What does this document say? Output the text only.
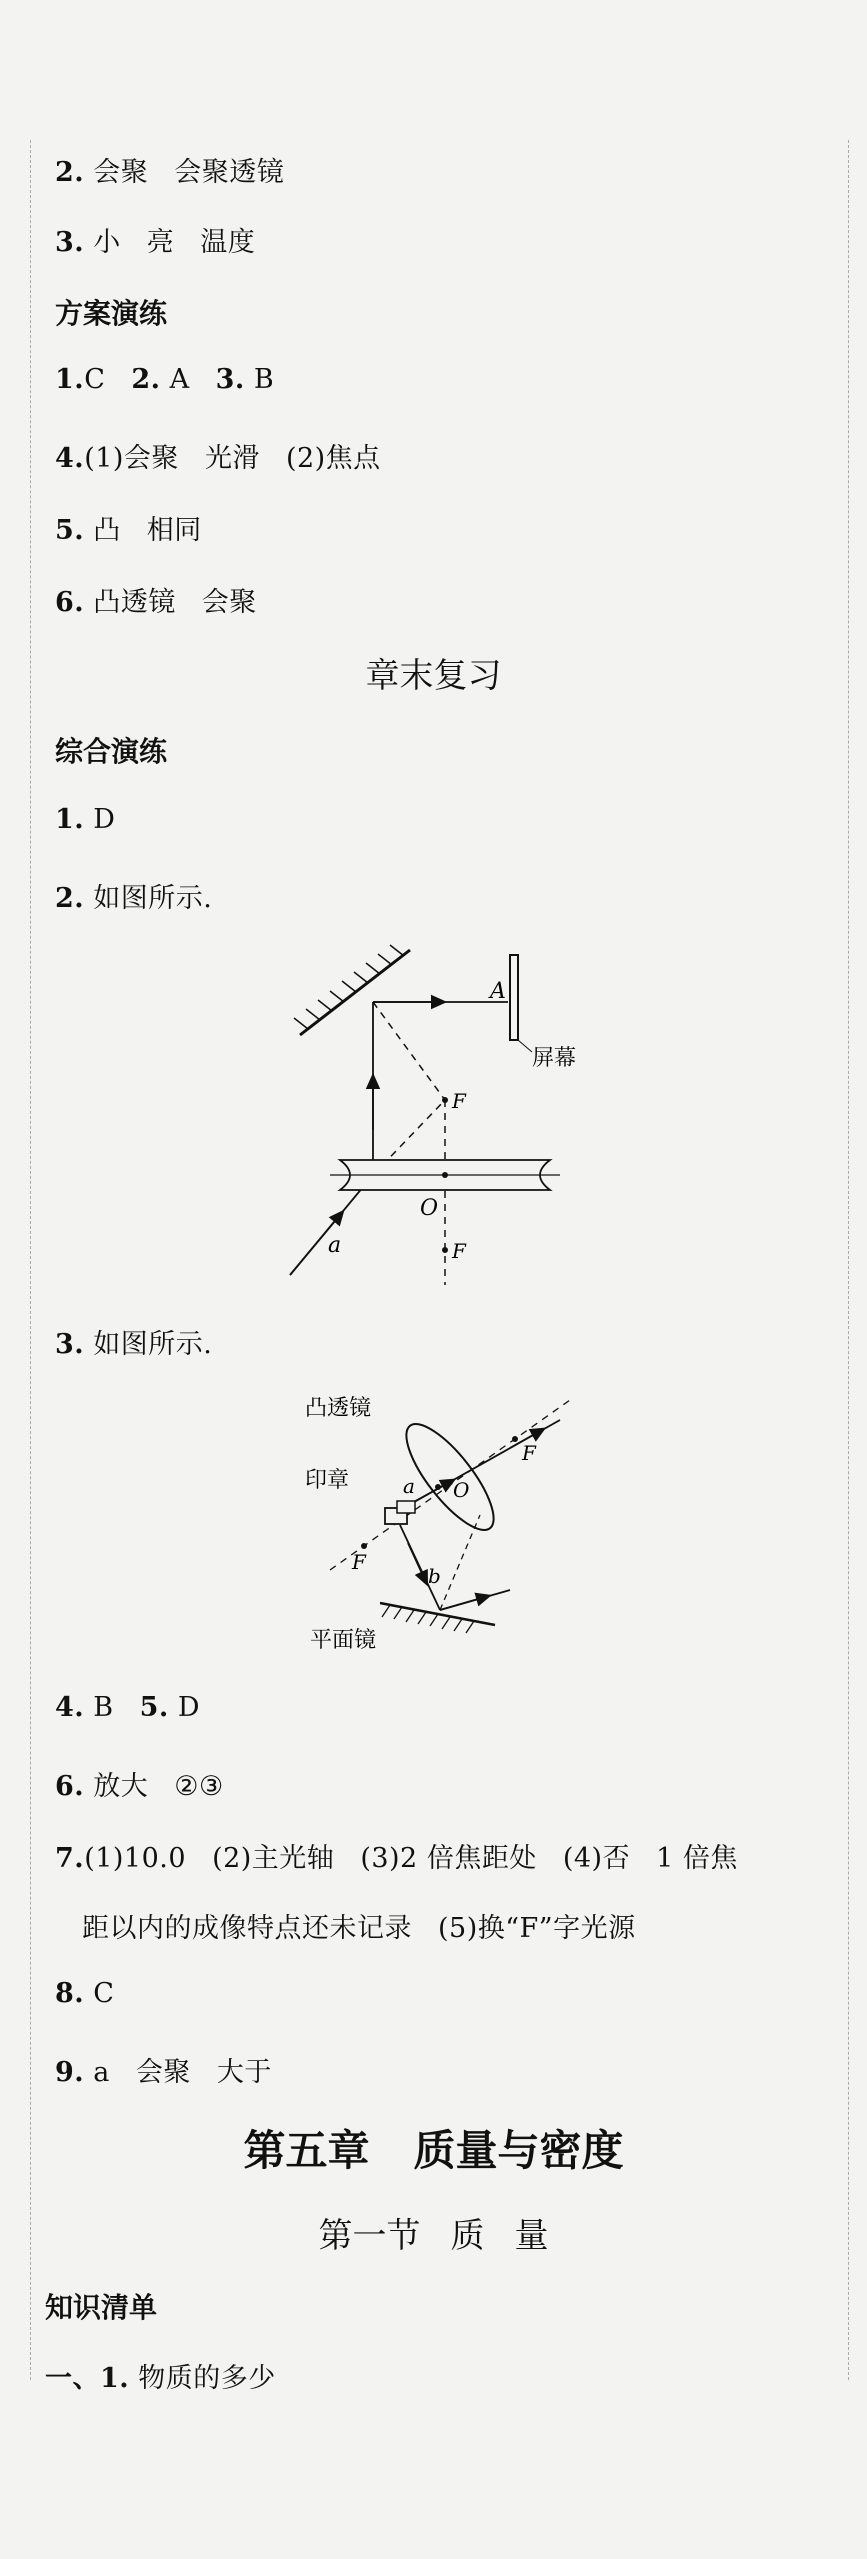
2. 会聚 会聚透镜
3. 小 亮 温度
方案演练
1.C 2. A 3. B
4.(1)会聚 光滑 (2)焦点
5. 凸 相同
6. 凸透镜 会聚
章末复习
综合演练
1. D
2. 如图所示.
A
屏幕
F
O
F
a
3. 如图所示.
凸透镜
印章	a O
F
F
b
平面镜
4. B 5. D
6. 放大 ②③
7.(1)10.0 (2)主光轴 (3)2 倍焦距处 (4)否 1 倍焦
距以内的成像特点还未记录 (5)换“F”字光源
8. C
9. a 会聚 大于
第五章 质量与密度
第一节 质 量
知识清单
一、1. 物质的多少
